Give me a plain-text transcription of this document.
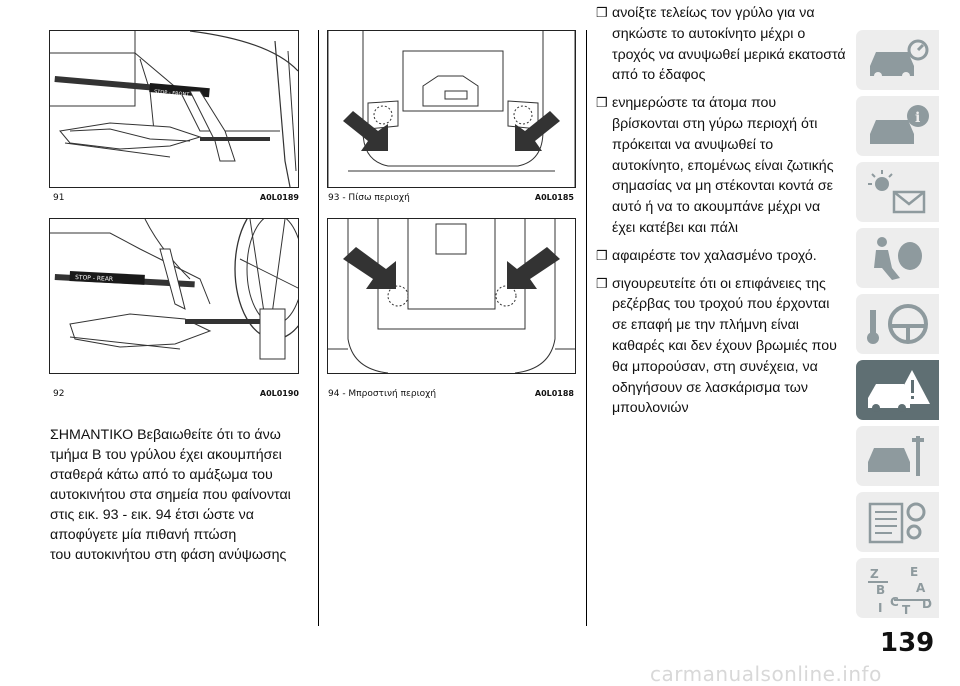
STOP - FRONT
91	A0L0189
STOP - REAR
92	A0L0190
93 - Πίσω περιοχή	A0L0185
94 - Μπροστινή περιοχή	A0L0188
ΣΗΜΑΝΤΙΚΟ Βεβαιωθείτε ότι το άνω
τμήμα B του γρύλου έχει ακουμπήσει
σταθερά κάτω από το αμάξωμα του
αυτοκινήτου στα σημεία που φαίνονται
στις εικ. 93 - εικ. 94 έτσι ώστε να
αποφύγετε μία πιθανή πτώση
του αυτοκινήτου στη φάση ανύψωσης
❒ ανοίξτε τελείως τον γρύλο για να σηκώστε το αυτοκίνητο μέχρι ο τροχός να ανυψωθεί μερικά εκατοστά από το έδαφος
❒ ενημερώστε τα άτομα που βρίσκονται στη γύρω περιοχή ότι πρόκειται να ανυψωθεί το αυτοκίνητο, επομένως είναι ζωτικής σημασίας να μη στέκονται κοντά σε αυτό ή να το ακουμπάνε μέχρι να έχει κατέβει και πάλι
❒ αφαιρέστε τον χαλασμένο τροχό.
❒ σιγουρευτείτε ότι οι επιφάνειες της ρεζέρβας του τροχού που έρχονται σε επαφή με την πλήμνη είναι καθαρές και δεν έχουν βρωμιές που θα μπορούσαν, στη συνέχεια, να οδηγήσουν σε λασκάρισμα των μπουλονιών
i
Z	E
B	A
C D
I T
139
carmanualsonline.info
